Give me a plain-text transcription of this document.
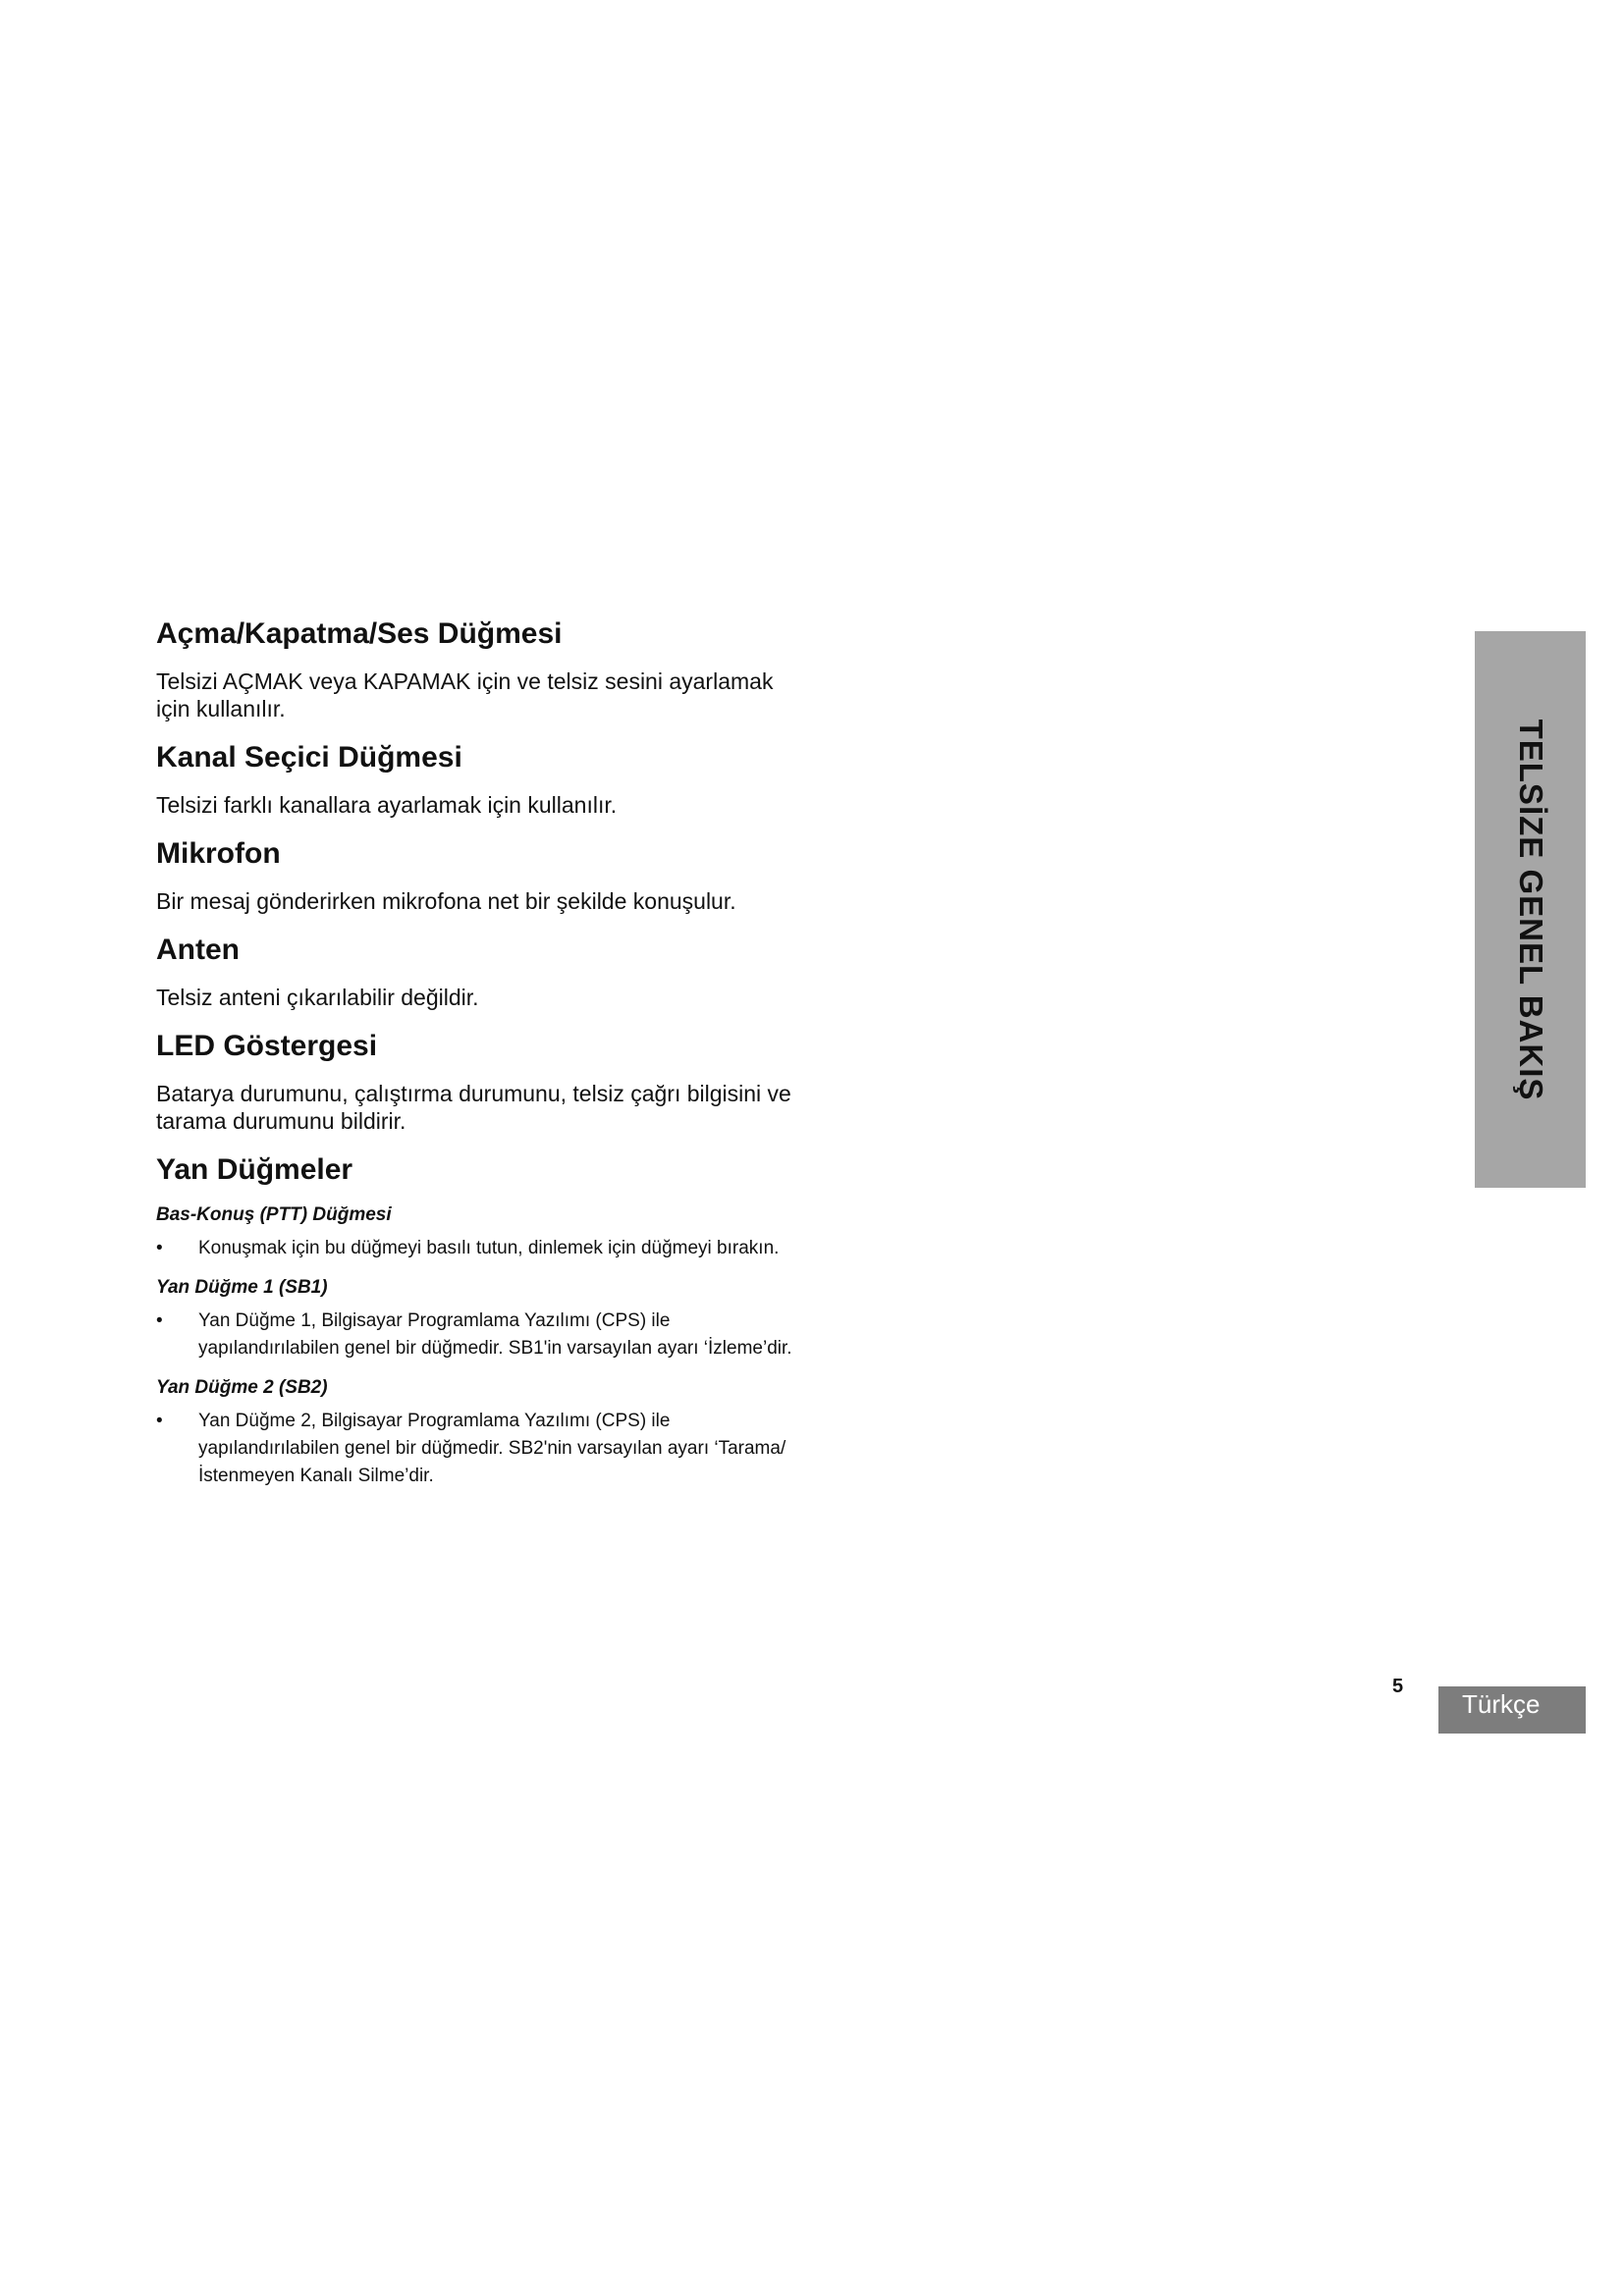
Açma/Kapatma/Ses Düğmesi

Telsizi AÇMAK veya KAPAMAK için ve telsiz sesini ayarlamak için kullanılır.

Kanal Seçici Düğmesi

Telsizi farklı kanallara ayarlamak için kullanılır.

Mikrofon

Bir mesaj gönderirken mikrofona net bir şekilde konuşulur.

Anten

Telsiz anteni çıkarılabilir değildir.

LED Göstergesi

Batarya durumunu, çalıştırma durumunu, telsiz çağrı bilgisini ve tarama durumunu bildirir.

Yan Düğmeler
Bas-Konuş (PTT) Düğmesi
• Konuşmak için bu düğmeyi basılı tutun, dinlemek için düğmeyi bırakın.
Yan Düğme 1 (SB1)
• Yan Düğme 1, Bilgisayar Programlama Yazılımı (CPS) ile yapılandırılabilen genel bir düğmedir. SB1'in varsayılan ayarı ‘İzleme’dir.
Yan Düğme 2 (SB2)
• Yan Düğme 2, Bilgisayar Programlama Yazılımı (CPS) ile yapılandırılabilen genel bir düğmedir. SB2'nin varsayılan ayarı ‘Tarama/İstenmeyen Kanalı Silme’dir.
TELSİZE GENEL BAKIŞ
5
Türkçe
